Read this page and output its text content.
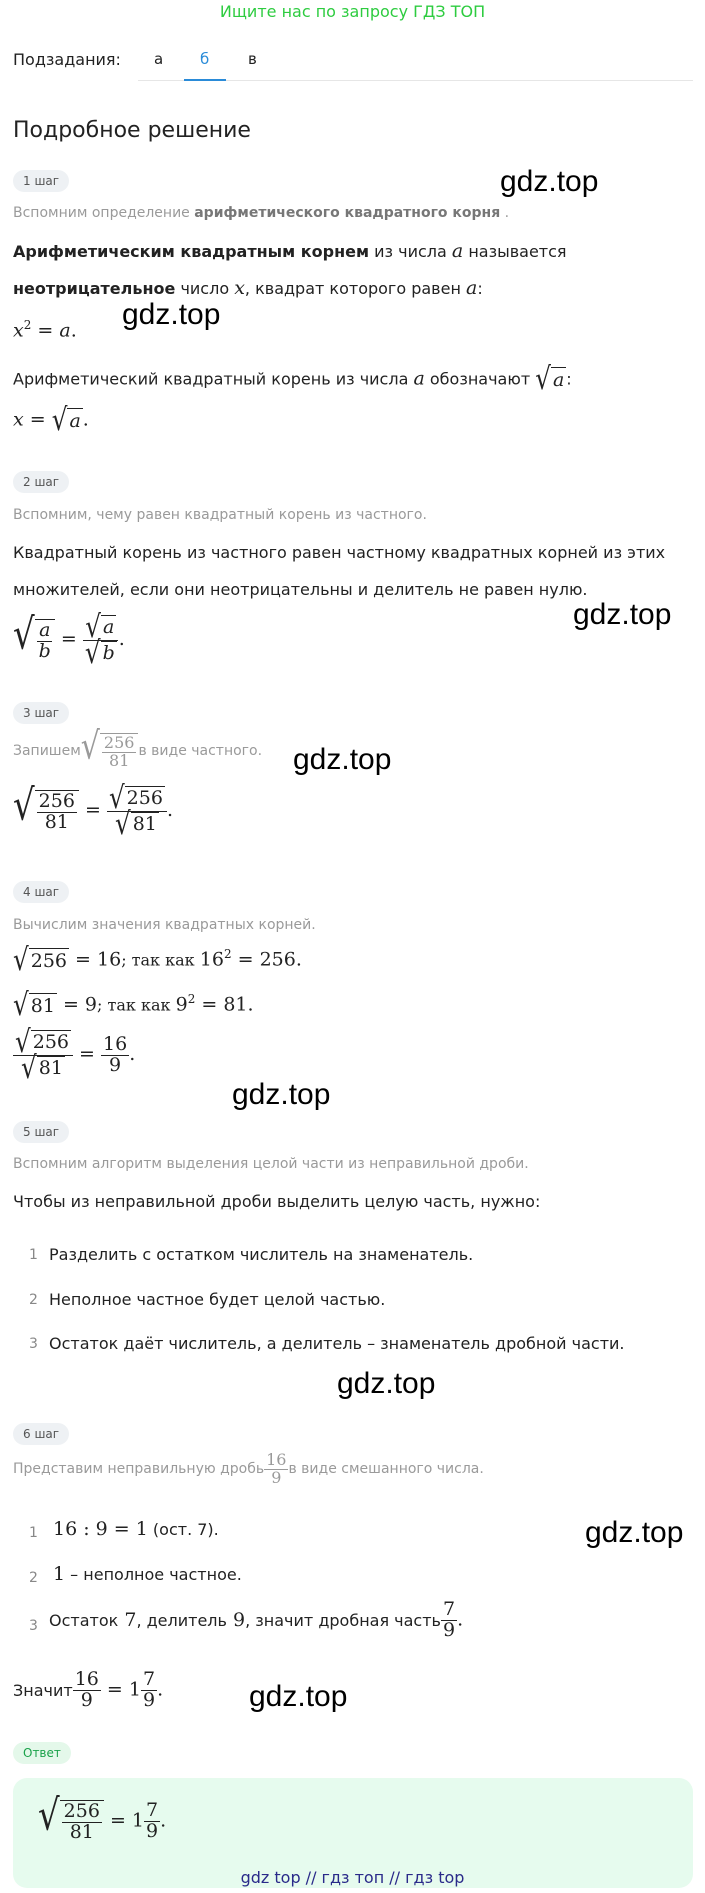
Ищите нас по запросу ГДЗ ТОП
Подзадания: а б	в
Подробное решение
1 шаг	gdz.top
Вспомним определение арифметического квадратного корня .
Арифметическим квадратным корнем из числа a называется
неотрицательное число x, квадрат которого равен a:
$x^2 = a$. gdz.top
Арифметический квадратный корень из числа a обозначают √ a :
x = √ a .
2 шаг
Вспомним, чему равен квадратный корень из частного.
Квадратный корень из частного равен частному квадратных корней из этих
множителей, если они неотрицательны и делитель не равен нулю.
gdz.top
√ $\frac{a}{b} = \frac{√ a}{√ b}$ .
3 шаг
Запишем √ $\frac{256}{81}$ в виде частного. gdz.top
√ $\frac{256}{81} = \frac{√ 256}{√ 81}$ .
4 шаг
Вычислим значения квадратных корней.
√ 256 = 16; так как $16^2 = 256$.
√ 81 = 9; так как $9^2 = 81$.
$\frac{√ 256}{√ 81} = \frac{16}{9}$ .
gdz.top
5 шаг
Вспомним алгоритм выделения целой части из неправильной дроби.
Чтобы из неправильной дроби выделить целую часть, нужно:
1 Разделить с остатком числитель на знаменатель.
2 Неполное частное будет целой частью.
3 Остаток даёт числитель, а делитель – знаменатель дробной части.
gdz.top
6 шаг
Представим неправильную дробь $\frac{16}{9}$ в виде смешанного числа.
1 16 : 9 = 1 (ост. 7).	gdz.top
2 1 – неполное частное.
3 Остаток 7 , делитель 9 , значит дробная часть $\frac{7}{9}$ .
Значит $\frac{16}{9} = 1 \frac{7}{9}$ .	gdz.top
Ответ
√ $\frac{256}{81} = 1 \frac{7}{9}$ .
gdz top // гдз топ // гдз top
